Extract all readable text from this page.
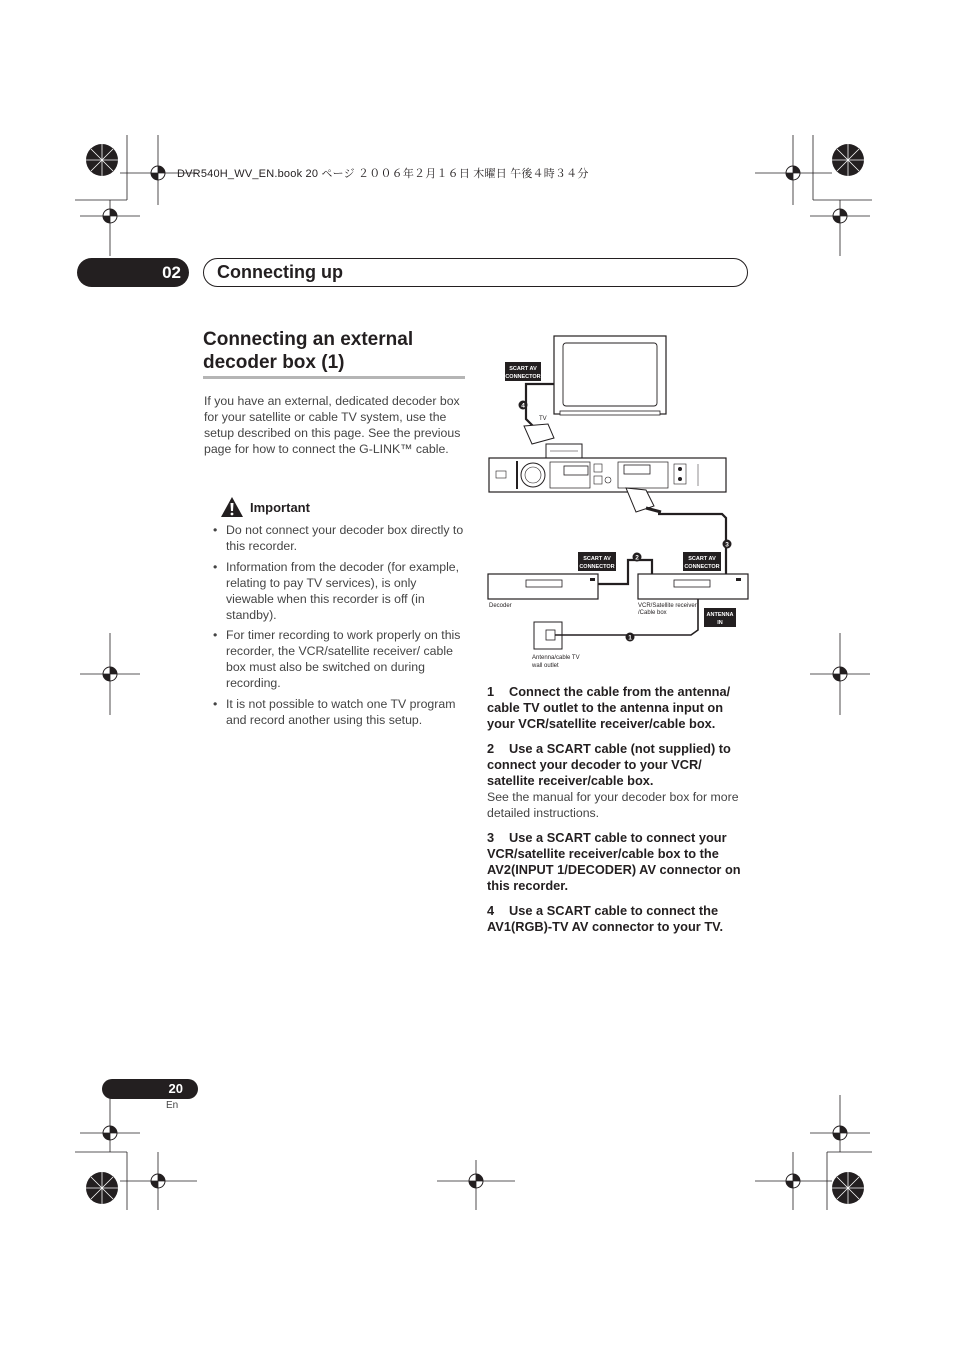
DVR540H_WV_EN.book 20 ページ ２００６年２月１６日 木曜日 午後４時３４分
02	Connecting up
Connecting an external decoder box (1)
If you have an external, dedicated decoder box for your satellite or cable TV system, use the setup described on this page. See the previous page for how to connect the G-LINK™ cable.
Important
• Do not connect your decoder box directly to this recorder.
• Information from the decoder (for example, relating to pay TV services), is only viewable when this recorder is off (in standby).
• For timer recording to work properly on this recorder, the VCR/satellite receiver/ cable box must also be switched on during recording.
• It is not possible to watch one TV program and record another using this setup.
TV
SCART AV
CONNECTOR
SCART AV
CONNECTOR
SCART AV
CONNECTOR
ANTENNA
IN
Decoder	VCR/Satellite receiver
/Cable box
Antenna/cable TV
wall outlet
1
2
3
4
1 Connect the cable from the antenna/ cable TV outlet to the antenna input on your VCR/satellite receiver/cable box.
2 Use a SCART cable (not supplied) to connect your decoder to your VCR/ satellite receiver/cable box.
See the manual for your decoder box for more detailed instructions.
3 Use a SCART cable to connect your VCR/satellite receiver/cable box to the AV2(INPUT 1/DECODER) AV connector on this recorder.
4 Use a SCART cable to connect the AV1(RGB)-TV AV connector to your TV.
20
En
